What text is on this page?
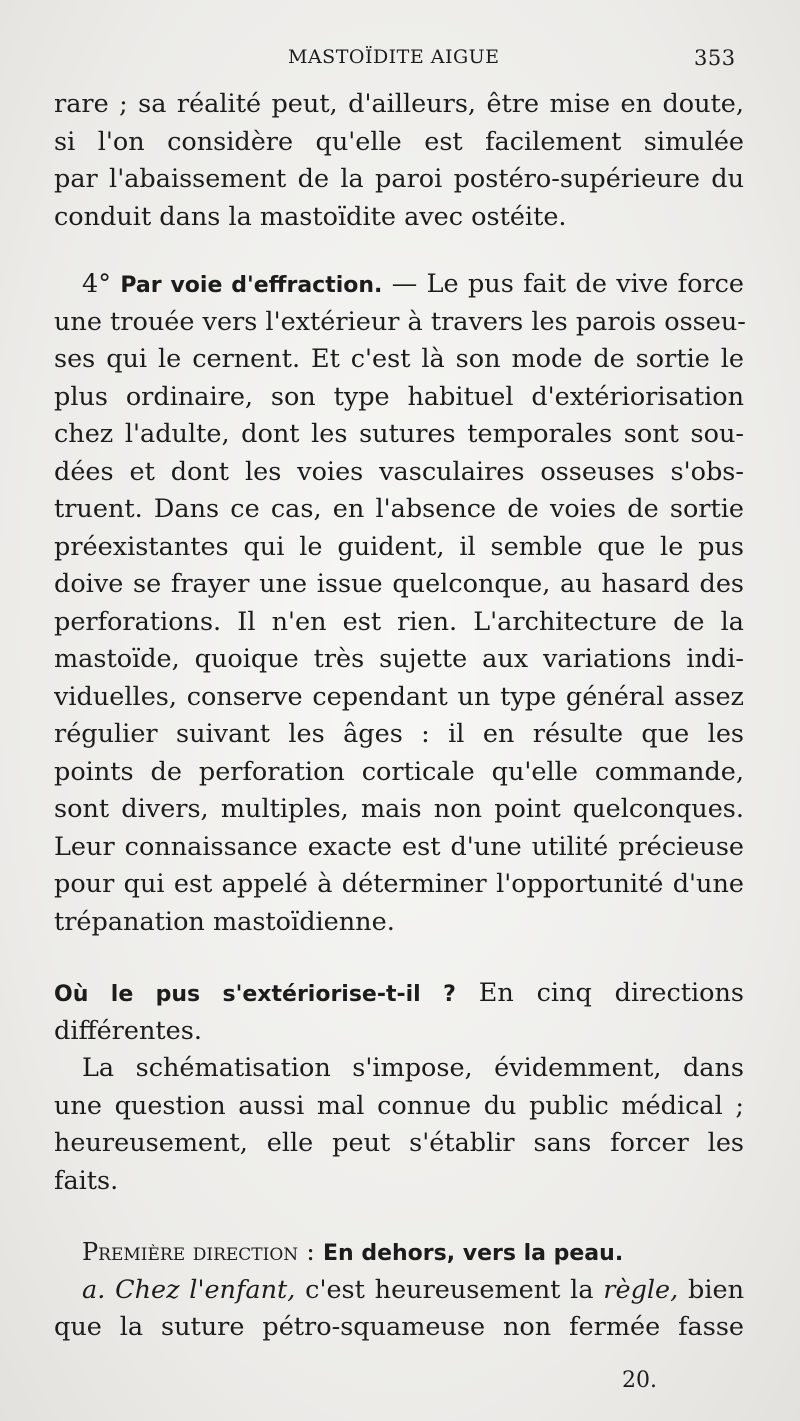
MASTOÏDITE AIGUE	353
rare ; sa réalité peut, d'ailleurs, être mise en doute,
si l'on considère qu'elle est facilement simulée
par l'abaissement de la paroi postéro-supérieure du
conduit dans la mastoïdite avec ostéite.
4° Par voie d'effraction. — Le pus fait de vive force
une trouée vers l'extérieur à travers les parois osseu-
ses qui le cernent. Et c'est là son mode de sortie le
plus ordinaire, son type habituel d'extériorisation
chez l'adulte, dont les sutures temporales sont sou-
dées et dont les voies vasculaires osseuses s'obs-
truent. Dans ce cas, en l'absence de voies de sortie
préexistantes qui le guident, il semble que le pus
doive se frayer une issue quelconque, au hasard des
perforations. Il n'en est rien. L'architecture de la
mastoïde, quoique très sujette aux variations indi-
viduelles, conserve cependant un type général assez
régulier suivant les âges : il en résulte que les
points de perforation corticale qu'elle commande,
sont divers, multiples, mais non point quelconques.
Leur connaissance exacte est d'une utilité précieuse
pour qui est appelé à déterminer l'opportunité d'une
trépanation mastoïdienne.
Où le pus s'extériorise-t-il ? En cinq directions
différentes.
La schématisation s'impose, évidemment, dans
une question aussi mal connue du public médical ;
heureusement, elle peut s'établir sans forcer les
faits.
Première direction : En dehors, vers la peau.
a. Chez l'enfant, c'est heureusement la règle, bien
que la suture pétro-squameuse non fermée fasse
20.
